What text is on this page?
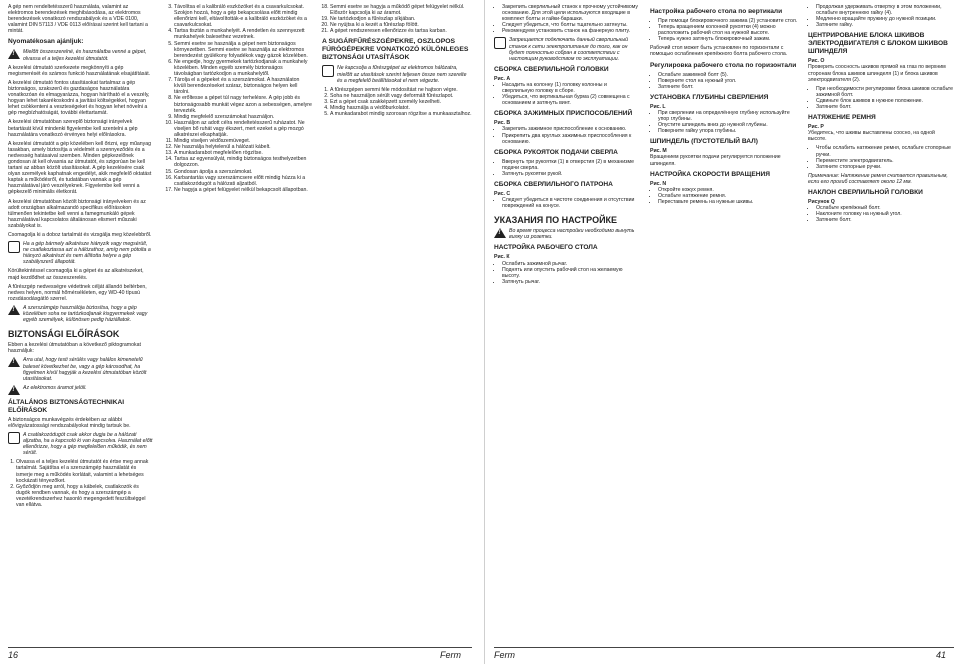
A gép nem rendeltetésszerű használata, valamint az elektromos berendezések meghibásodása, az elektromos berendezések vonatkozó rendszabályok és a VDE 0100, valamint DIN 57113 / VDE 0113 előírásai szerint kell tartani a mintát.

Nyomatékosan ajánljuk:
!
Mielőtt összeszerelné, és használatba venné a gépet, olvassa el a teljes kezelési útmutatót.

A kezelési útmutató szerkezete megkönnyíti a gép megismerését és számos funkció használatának elsajátítását.

A kezelési útmutató fontos utasításokat tartalmaz a gép biztonságos, szakszerű és gazdaságos használatára vonatkozóan és elmagyarázza, hogyan hárítható el a veszély, hogyan lehet takarékoskodni a javítási költségekkel, hogyan lehet csökkenteni a veszteségeket és hogyan lehet növelni a gép megbízhatóságát, további élettartamát.

A kezelési útmutatóban szereplő biztonsági irányelvek betartását kívül mindenki figyelembe kell szentelni a gép használatára vonatkozó érvényes helyi előírásokra.

A kezelési útmutatót a gép közelében kell őrizni, egy műanyag tasakban, amely biztosítja a védelmét a szennyeződés és a nedvesség hatásaival szemben. Minden gépkezelőnek gondosan át kell olvasnia az útmutatót, és szigorúan be kell tartani az abban közölt utasításokat. A gép kezelésére csak olyan személyek kaphatnak engedélyt, akik megfelelő oktatást kaptak a működésről, és tudatában vannak a gép használatával járó veszélyeknek. Figyelembe kell venni a gépkezelő minimális életkorát.

A kezelési útmutatóban közölt biztonsági irányelveken és az adott országban alkalmazandó specifikus előírásokon túlmenően tekintetbe kell venni a famegmunkáló gépek használatával kapcsolatos általánosan elismert műszaki szabályokat is.

Csomagolja ki a doboz tartalmát és vizsgálja meg közelebbről.

Ha a gép bármely alkatrésze hiányzik vagy megsérült, ne csatlakoztassa azt a hálózathoz, amíg nem pótolta a hiányzó alkatrészt és nem állította helyre a gép szabályszerű állapotát.

Körültekintéssel csomagolja ki a gépet és az alkatrészeket, majd kezdődhet az összeszerelés.

A fűrészgép nedvességre védettnek célját állandó beltérben, nedves helyen, normál hőmérsékleten, egy WD-40 típusú rozsdásodásgátló szerrel.

!
A szerszámgép használója biztosítsa, hogy a gép közelében soha ne tartózkodjanak kisgyermekek vagy egyéb személyek, különösen pedig háziállatok.
BIZTONSÁGI ELŐÍRÁSOK

Ebben a kezelési útmutatóban a következő piktogramokat használjuk:

!
Arra utal, hogy testi sérülés vagy halálos kimenetelű baleset következhet be, vagy a gép károsodhat, ha figyelmen kívül hagyják a kezelési útmutatóban közölt utasításokat.
!
Az elektromos áramot jelöli.
ÁLTALÁNOS BIZTONSÁGTECHNIKAI ELŐÍRÁSOK

A biztonságos munkavégzés érdekében az alábbi elővigyázatossági rendszabályokat mindig tartsuk be.

A csatlakozódugót csak akkor dugja be a hálózati aljzatba, ha a kapcsoló ki van kapcsolva. Használat előtt ellenőrizze, hogy a gép megfelelően működik, és nem sérült.
1. Olvassa el a teljes kezelési útmutatót és értse meg annak tartalmát. Sajátítsa el a szerszámgép használatát és ismerje meg a működés korlátait, valamint a lehetséges kockázati tényezőket.
2. Győződjön meg arról, hogy a kábelek, csatlakozók és dugók rendben vannak, és hogy a szerszámgép a vezetékrendszerhez hasonló megengedett feszültséggel van ellátva.
3. Távolítsa el a kalibráló eszközöket és a csavarkulcsokat. Szokjon hozzá, hogy a gép bekapcsolása előtt mindig ellenőrizni kell, eltávolították-e a kalibráló eszközöket és a csavarkulcsokat.
4. Tartsa tisztán a munkahelyét. A rendetlen és szennyezett munkahelyek balesethez vezetnek.
5. Semmi esetre se használja a gépet nem biztonságos környezetben. Semmi esetre se használja az elektromos berendezést gyúlékony folyadékok vagy gázok közelében.
6. Ne engedje, hogy gyermekek tartózkodjanak a munkahely közelében. Minden egyéb személy biztonságos távolságban tartózkodjon a munkahelytől.
7. Tárolja el a gépeket és a szerszámokat. A használaton kívüli berendezéseket száraz, biztonságos helyen kell tárolni.
8. Ne erőltesse a gépet túl nagy terhelésre. A gép jobb és biztonságosabb munkát végez azon a sebességen, amelyre tervezték.
9. Mindig megfelelő szerszámokat használjon.
10. Használjon az adott célra rendeltetésszerű ruházatot. Ne viseljen bő ruhát vagy ékszert, mert ezeket a gép mozgó alkatrészei elkaphatják.
11. Mindig viseljen védőszemüveget.
12. Ne használja helytelenül a hálózati kábelt.
13. A munkadarabot megfelelően rögzítse.
14. Tartsa az egyensúlyát, mindig biztonságos testhelyzetben dolgozzon.
15. Gondosan ápolja a szerszámokat.
16. Karbantartás vagy szerszámcsere előtt mindig húzza ki a csatlakozódugót a hálózati aljzatból.
17. Ne hagyja a gépet felügyelet nélkül bekapcsolt állapotban.
18. Semmi esetre se hagyja a működő gépet felügyelet nélkül. Először kapcsolja ki az áramot.
19. Ne tartózkodjon a fűrészlap síkjában.
20. Ne nyújtsa ki a kezét a fűrészlap fölött.
21. A gépet rendszeresen ellenőrizze és tartsa karban.
A SUGÁRFŰRÉSZGÉPEKRE, OSZLOPOS FÚRÓGÉPEKRE VONATKOZÓ KÜLÖNLEGES BIZTONSÁGI UTASÍTÁSOK
Ne kapcsolja a fűrészgépet az elektromos hálózatra, mielőtt az utasítások szerint teljesen össze nem szerelte és a megfelelő beállításokat el nem végezte.
1. A fűrészgépen semmi féle módosítást ne hajtson végre.
2. Soha ne használjon sérült vagy deformált fűrészlapot.
3. Ezt a gépet csak szakképzett személy kezelheti.
4. Mindig használja a védőburkolatot.
5. A munkadarabot mindig szorosan rögzítse a munkaasztalhoz.
16	Ferm
• Закрепить сверлильный станок к прочному устойчивому основанию. Для этой цели используются входящие в комплект болты и гайки-барашки.
• Следует убедиться, что болты тщательно затянуты.
• Рекомендуем установить станок на фанерную плиту.
Запрещается подключать данный сверлильный станок к сети электропитания до того, как он будет полностью собран в соответствии с настоящим руководством по эксплуатации.
СБОРКА СВЕРЛИЛЬНОЙ ГОЛОВКИ
Рис. А
• Насадить на колонну (1) головку колонны и сверлильную головку в сборе.
• Убедиться, что вертикальная бурма (2) совмещена с основанием и затянуть винт.
СБОРКА ЗАЖИМНЫХ ПРИСПОСОБЛЕНИЙ
Рис. В
• Закрепить зажимное приспособление к основанию.
• Прикрепить два круглых зажимных приспособления к основанию.
СБОРКА РУКОЯТОК ПОДАЧИ СВЕРЛА
• Ввернуть три рукоятки (1) в отверстия (2) в механизме подачи сверла.
• Затянуть рукоятки рукой.
СБОРКА СВЕРЛИЛЬНОГО ПАТРОНА
Рис. С
• Следует убедиться в чистоте соединения и отсутствии повреждений на конусе.
УКАЗАНИЯ ПО НАСТРОЙКЕ
!
Во время процесса настройки необходимо вынуть вилку из розетки.
НАСТРОЙКА РАБОЧЕГО СТОЛА
Рис. К
• Ослабить зажимной рычаг.
• Поднять или опустить рабочий стол на желаемую высоту.
• Затянуть рычаг.
Настройка рабочего стола по вертикали
• При помощи блокировочного зажима (2) установите стол.
• Теперь вращением колонной рукоятки (4) можно расположить рабочий стол на нужной высоте.
• Теперь нужно затянуть блокировочный зажим.

Рабочий стол может быть установлен по горизонтали с помощью ослабления крепёжного болта рабочего стола.

Регулировка рабочего стола по горизонтали
• Ослабьте зажимной болт (5).
• Поверните стол на нужный угол.
• Затяните болт.
УСТАНОВКА ГЛУБИНЫ СВЕРЛЕНИЯ
Рис. L
• При сверлении на определённую глубину используйте упор глубины.
• Опустите шпиндель вниз до нужной глубины.
• Поверните гайку упора глубины.
ШПИНДЕЛЬ (ПУСТОТЕЛЫЙ ВАЛ)
Рис. М

Вращением рукоятки подачи регулируется положение шпинделя.

НАСТРОЙКА СКОРОСТИ ВРАЩЕНИЯ
Рис. N
• Откройте кожух ремня.
• Ослабьте натяжение ремня.
• Переставьте ремень на нужные шкивы.
• Продолжая удерживать отвертку в этом положении, ослабьте внутреннюю гайку (4).
• Медленно вращайте пружину до нужной позиции.
• Затяните гайку.
ЦЕНТРИРОВАНИЕ БЛОКА ШКИВОВ ЭЛЕКТРОДВИГАТЕЛЯ С БЛОКОМ ШКИВОВ ШПИНДЕЛЯ
Рис. О

Проверить соосность шкивов прямой на глаз по верхним сторонам блока шкивов шпинделя (1) и блока шкивов электродвигателя (2).

• При необходимости регулировки блока шкивов ослабьте зажимной болт.
• Сдвиньте блок шкивов в нужное положение.
• Затяните болт.
НАТЯЖЕНИЕ РЕМНЯ
Рис. Р

Убедитесь, что шкивы выставлены соосно, на одной высоте.

• Чтобы ослабить натяжение ремня, ослабьте стопорные ручки.
• Переместите электродвигатель.
• Затяните стопорные ручки.

Примечание: Натяжение ремня считается правильным, если его прогиб составляет около 12 мм.

НАКЛОН СВЕРЛИЛЬНОЙ ГОЛОВКИ
Рисунок Q
• Ослабьте крепёжный болт.
• Наклоните головку на нужный угол.
• Затяните болт.
Ferm	41
